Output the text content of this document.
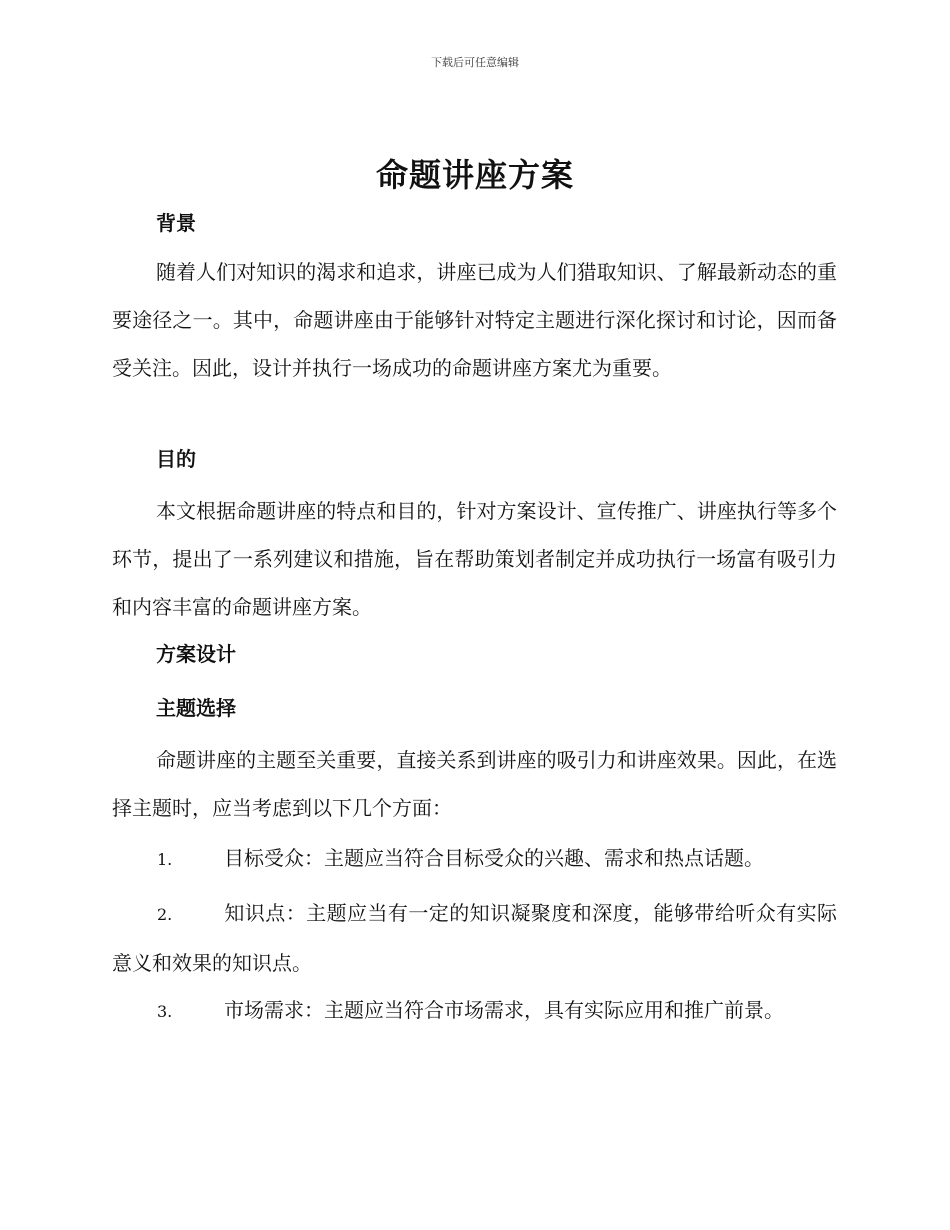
下载后可任意编辑
命题讲座方案
背景

随着人们对知识的渴求和追求，讲座已成为人们猎取知识、了解最新动态的重要途径之一。其中，命题讲座由于能够针对特定主题进行深化探讨和讨论，因而备受关注。因此，设计并执行一场成功的命题讲座方案尤为重要。

目的

本文根据命题讲座的特点和目的，针对方案设计、宣传推广、讲座执行等多个环节，提出了一系列建议和措施，旨在帮助策划者制定并成功执行一场富有吸引力和内容丰富的命题讲座方案。

方案设计
主题选择

命题讲座的主题至关重要，直接关系到讲座的吸引力和讲座效果。因此，在选择主题时，应当考虑到以下几个方面：

1.	目标受众：主题应当符合目标受众的兴趣、需求和热点话题。

2.	知识点：主题应当有一定的知识凝聚度和深度，能够带给听众有实际意义和效果的知识点。

3.	市场需求：主题应当符合市场需求，具有实际应用和推广前景。
